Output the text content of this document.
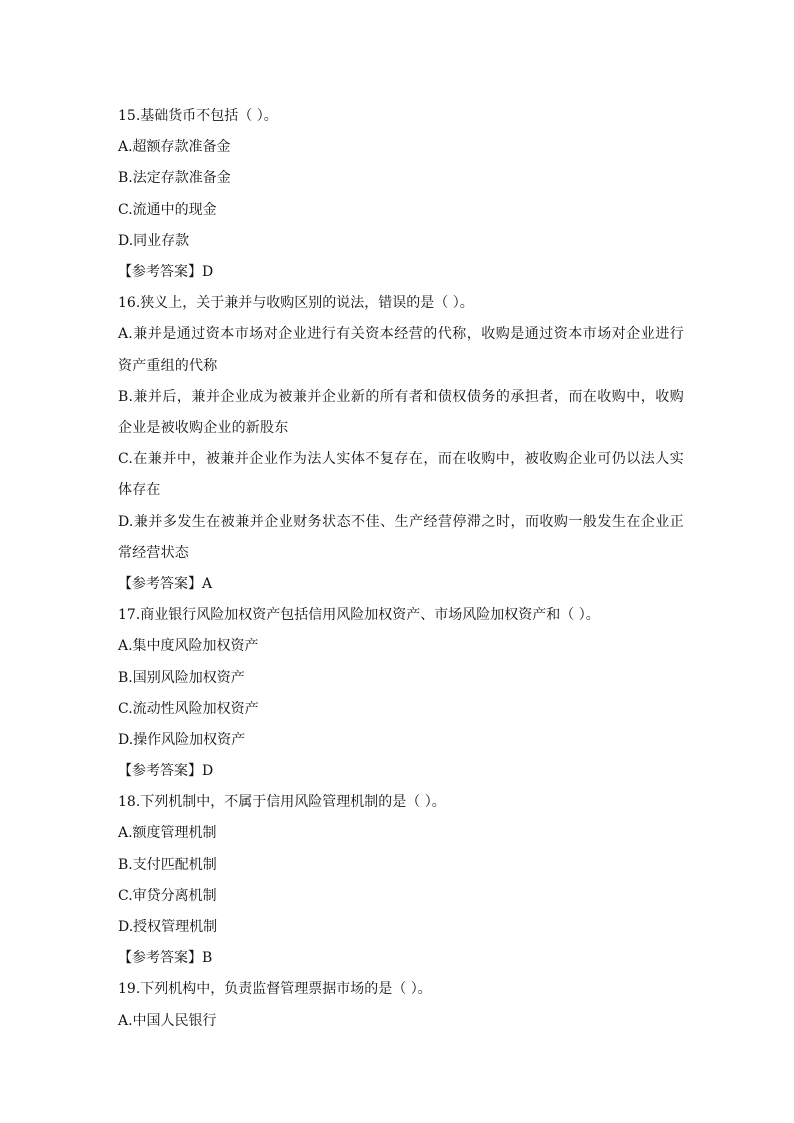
15.基础货币不包括（ ）。
A.超额存款准备金
B.法定存款准备金
C.流通中的现金
D.同业存款
【参考答案】D
16.狭义上，关于兼并与收购区别的说法，错误的是（ ）。
A.兼并是通过资本市场对企业进行有关资本经营的代称，收购是通过资本市场对企业进行资产重组的代称
B.兼并后，兼并企业成为被兼并企业新的所有者和债权债务的承担者，而在收购中，收购企业是被收购企业的新股东
C.在兼并中，被兼并企业作为法人实体不复存在，而在收购中，被收购企业可仍以法人实体存在
D.兼并多发生在被兼并企业财务状态不佳、生产经营停滞之时，而收购一般发生在企业正常经营状态
【参考答案】A
17.商业银行风险加权资产包括信用风险加权资产、市场风险加权资产和（ ）。
A.集中度风险加权资产
B.国别风险加权资产
C.流动性风险加权资产
D.操作风险加权资产
【参考答案】D
18.下列机制中，不属于信用风险管理机制的是（ ）。
A.额度管理机制
B.支付匹配机制
C.审贷分离机制
D.授权管理机制
【参考答案】B
19.下列机构中，负责监督管理票据市场的是（ ）。
A.中国人民银行
